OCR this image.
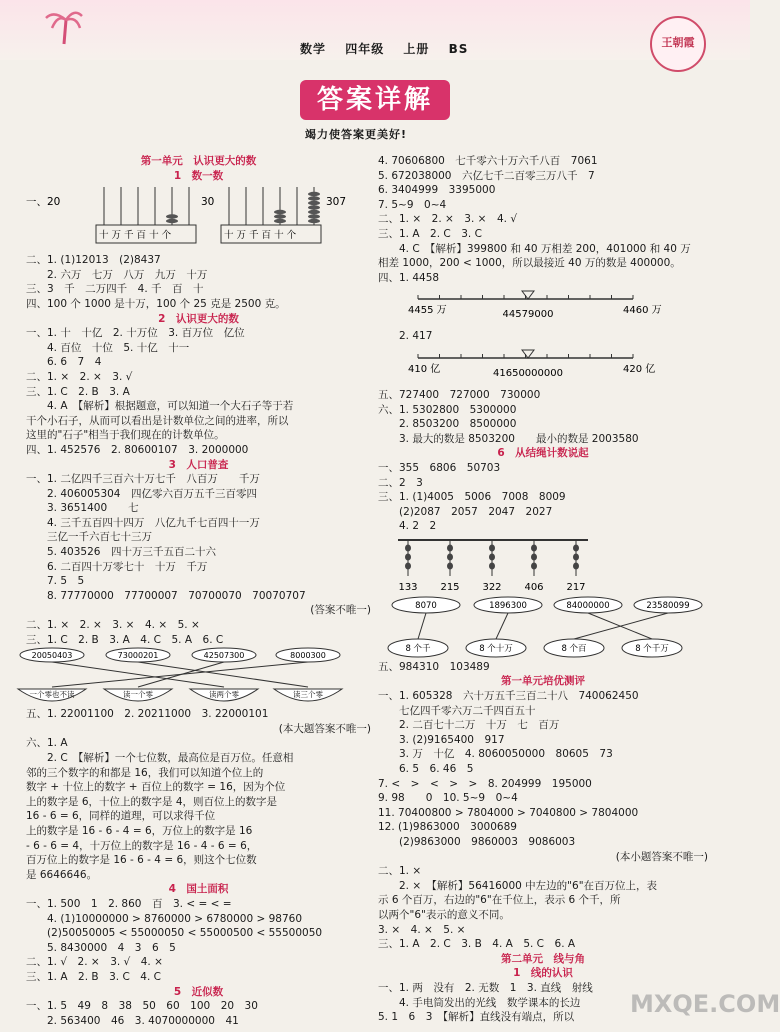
数学 四年级 上册 BS	王朝霞
答案详解
竭力使答案更美好!
第一单元　认识更大的数
1　数一数
十 万 千 百 十 个	十 万 千 百 十 个
一、20	30	307
二、1. (1)12013　(2)8437
　　2. 六万　七万　八万　九万　十万
三、3　千　二万四千　4. 千　百　十
四、100 个 1000 是十万，100 个 25 克是 2500 克。
2　认识更大的数
一、1. 十　十亿　2. 十万位　3. 百万位　亿位
　　4. 百位　十位　5. 十亿　十一
　　6. 6　7　4
二、1. ×　2. ×　3. √
三、1. C　2. B　3. A
　　4. A　【解析】根据题意，可以知道一个大石子等于若
干个小石子，从而可以看出是计数单位之间的进率，所以
这里的"石子"相当于我们现在的计数单位。
四、1. 452576　2. 80600107　3. 2000000
3　人口普查
一、1. 二亿四千三百六十万七千　八百万　　千万
　　2. 406005304　四亿零六百万五千三百零四
　　3. 3651400　　七
　　4. 三千五百四十四万　八亿九千七百四十一万
　　三亿一千六百七十三万
　　5. 403526　四十万三千五百二十六
　　6. 二百四十万零七十　十万　千万
　　7. 5　5
　　8. 77770000　77700007　70700070　70070707
(答案不唯一)
二、1. ×　2. ×　3. ×　4. ×　5. ×
三、1. C　2. B　3. A　4. C　5. A　6. C
20050403	73000201	42507300	8000300
一个零也不读	读一个零	读两个零	读三个零
五、1. 22001100　2. 20211000　3. 22000101
(本大题答案不唯一)
六、1. A
　　2. C　【解析】一个七位数，最高位是百万位。任意相
邻的三个数字的和都是 16，我们可以知道个位上的
数字 + 十位上的数字 + 百位上的数字 = 16，因为个位
上的数字是 6，十位上的数字是 4，则百位上的数字是
16 - 6 = 6，同样的道理，可以求得千位
上的数字是 16 - 6 - 4 = 6，万位上的数字是 16
- 6 - 6 = 4，十万位上的数字是 16 - 4 - 6 = 6，
百万位上的数字是 16 - 6 - 4 = 6，则这个七位数
是 6646646。
4　国土面积
一、1. 500　1　2. 860　百　3. < = < =
　　4. (1)10000000 > 8760000 > 6780000 > 98760
　　(2)50050005 < 55000050 < 55000500 < 55500050
　　5. 8430000　4　3　6　5
二、1. √　2. ×　3. √　4. ×
三、1. A　2. B　3. C　4. C
5　近似数
一、1. 5　49　8　38　50　60　100　20　30
　　2. 563400　46　3. 4070000000　41
4. 70606800　七千零六十万六千八百　7061
5. 672038000　六亿七千二百零三万八千　7
6. 3404999　3395000
7. 5~9　0~4
二、1. ×　2. ×　3. ×　4. √
三、1. A　2. C　3. C
　　4. C　【解析】399800 和 40 万相差 200，401000 和 40 万
相差 1000，200 < 1000，所以最接近 40 万的数是 400000。
四、1. 4458
4455 万	44579000	4460 万
　　2. 417
410 亿	41650000000	420 亿
五、727400　727000　730000
六、1. 5302800　5300000
　　2. 8503200　8500000
　　3. 最大的数是 8503200　　最小的数是 2003580
6　从结绳计数说起
一、355　6806　50703
二、2　3
三、1. (1)4005　5006　7008　8009
　　(2)2087　2057　2047　2027
　　4. 2　2
133 215 322 406 217
8070	1896300	84000000	23580099
8 个千	8 个十万	8 个百	8 个千万
五、984310　103489
第一单元培优测评
一、1. 605328　六十万五千三百二十八　740062450
　　七亿四千零六万二千四百五十
　　2. 二百七十二万　十万　七　百万
　　3. (2)9165400　917
　　3. 万　十亿　4. 8060050000　80605　73
　　6. 5　6. 46　5
7. <　>　<　>　>　8. 204999　195000
9. 98　　0　10. 5~9　0~4
11. 70400800 > 7804000 > 7040800 > 7804000
12. (1)9863000　3000689
　　(2)9863000　9860003　9086003
(本小题答案不唯一)
二、1. ×
　　2. ×　【解析】56416000 中左边的"6"在百万位上，表
示 6 个百万，右边的"6"在千位上，表示 6 个千，所
以两个"6"表示的意义不同。
3. ×　4. ×　5. ×
三、1. A　2. C　3. B　4. A　5. C　6. A
第二单元　线与角
1　线的认识
一、1. 两　没有　2. 无数　1　3. 直线　射线
　　4. 手电筒发出的光线　数学课本的长边　
5. 1　6　3　【解析】直线没有端点，所以	MXQE.COM
